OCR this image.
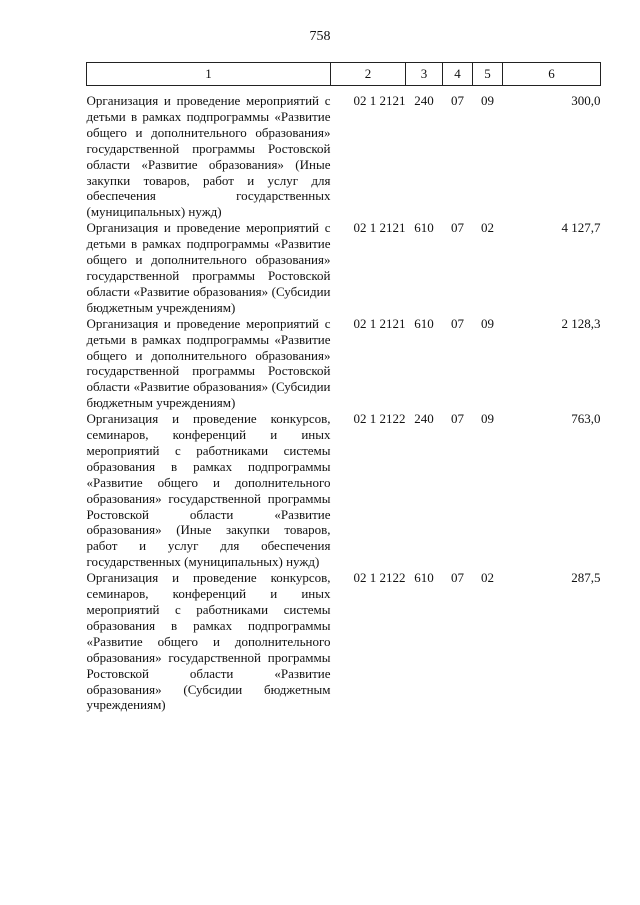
758
1	2	3	4	5	6
Организация и проведение мероприятий с детьми в рамках подпрограммы «Развитие общего и дополнительного образования» государственной программы Ростовской области «Развитие образования» (Иные закупки товаров, работ и услуг для обеспечения государственных (муниципальных) нужд)	02 1 2121	240	07	09	300,0
Организация и проведение мероприятий с детьми в рамках подпрограммы «Развитие общего и дополнительного образования» государственной программы Ростовской области «Развитие образования» (Субсидии бюджетным учреждениям)	02 1 2121	610	07	02	4 127,7
Организация и проведение мероприятий с детьми в рамках подпрограммы «Развитие общего и дополнительного образования» государственной программы Ростовской области «Развитие образования» (Субсидии бюджетным учреждениям)	02 1 2121	610	07	09	2 128,3
Организация и проведение конкурсов, семинаров, конференций и иных мероприятий с работниками системы образования в рамках подпрограммы «Развитие общего и дополнительного образования» государственной программы Ростовской области «Развитие образования» (Иные закупки товаров, работ и услуг для обеспечения государственных (муниципальных) нужд)	02 1 2122	240	07	09	763,0
Организация и проведение конкурсов, семинаров, конференций и иных мероприятий с работниками системы образования в рамках подпрограммы «Развитие общего и дополнительного образования» государственной программы Ростовской области «Развитие образования» (Субсидии бюджетным учреждениям)	02 1 2122	610	07	02	287,5
